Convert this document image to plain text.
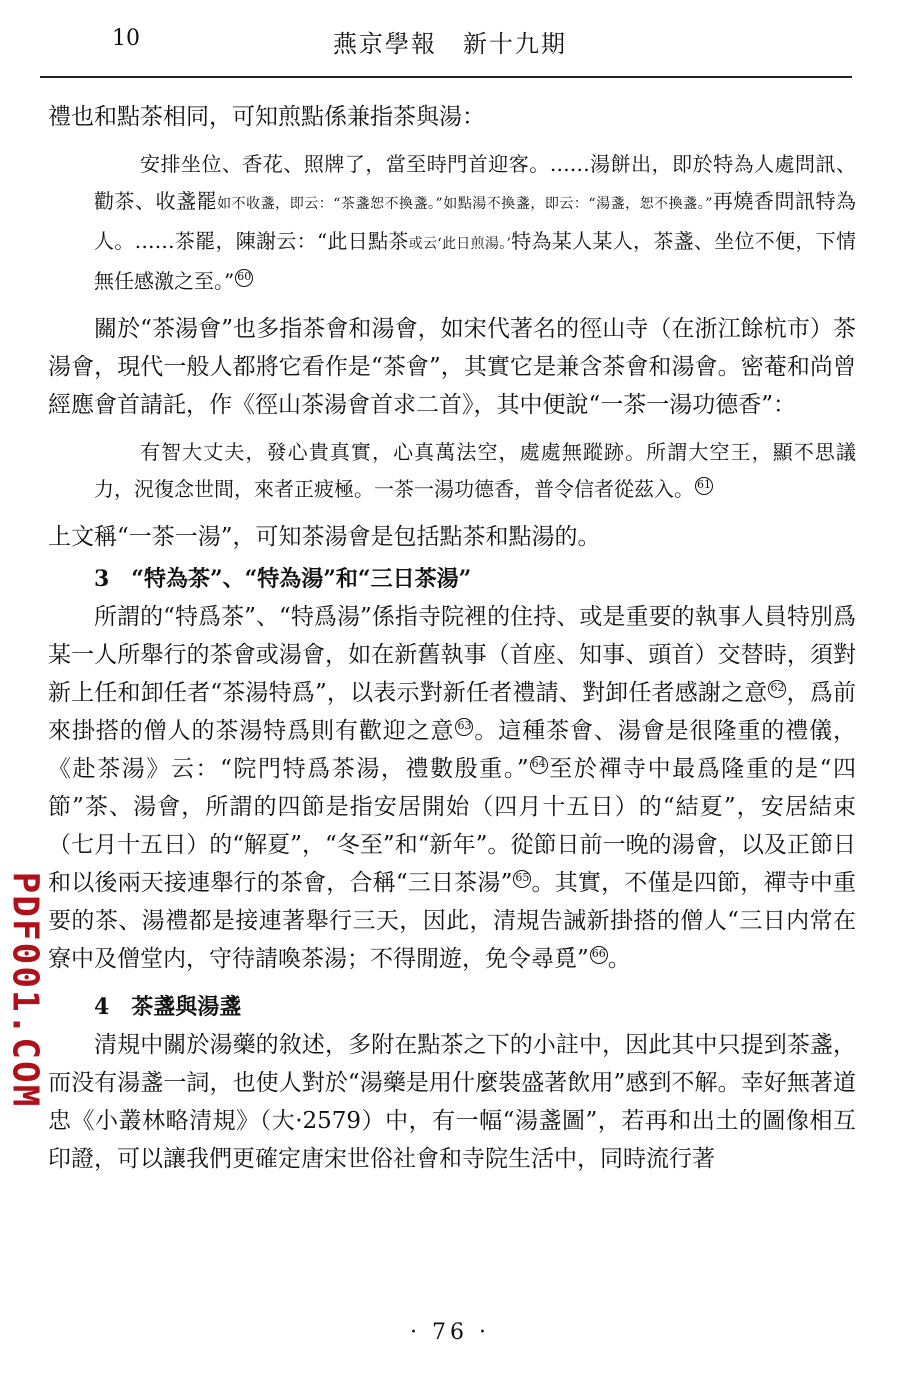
10	燕京學報　新十九期

禮也和點茶相同，可知煎點係兼指茶與湯：

安排坐位、香花、照牌了，當至時門首迎客。……湯餅出，即於特為人處問訊、勸茶、收盞罷如不收盞，即云：“茶盞恕不換盞。”如點湯不換盞，即云：“湯盞，恕不換盞。”再燒香問訊特為人。……茶罷，陳謝云：“此日點茶或云‘此日煎湯。’特為某人某人，茶盞、坐位不便，下情無任感激之至。” $^{60}$

關於“茶湯會”也多指茶會和湯會，如宋代著名的徑山寺（在浙江餘杭市）茶湯會，現代一般人都將它看作是“茶會”，其實它是兼含茶會和湯會。密菴和尚曾經應會首請託，作《徑山茶湯會首求二首》，其中便說“一茶一湯功德香”：

有智大丈夫，發心貴真實，心真萬法空，處處無蹤跡。所謂大空王，顯不思議力，況復念世間，來者正疲極。一茶一湯功德香，普令信者從茲入。 $^{61}$

上文稱“一茶一湯”，可知茶湯會是包括點茶和點湯的。

3　“特為茶”、“特為湯”和“三日茶湯”

所謂的“特爲茶”、“特爲湯”係指寺院裡的住持、或是重要的執事人員特別爲某一人所舉行的茶會或湯會，如在新舊執事（首座、知事、頭首）交替時，須對新上任和卸任者“茶湯特爲”，以表示對新任者禮請、對卸任者感謝之意 $^{62}$，爲前來掛搭的僧人的茶湯特爲則有歡迎之意 $^{63}$。這種茶會、湯會是很隆重的禮儀，《赴茶湯》云：“院門特爲茶湯，禮數殷重。” $^{64}$至於禪寺中最爲隆重的是“四節”茶、湯會，所謂的四節是指安居開始（四月十五日）的“結夏”，安居結束（七月十五日）的“解夏”，“冬至”和“新年”。從節日前一晚的湯會，以及正節日和以後兩天接連舉行的茶會，合稱“三日茶湯” $^{65}$。其實，不僅是四節，禪寺中重要的茶、湯禮都是接連著舉行三天，因此，清規告誡新掛搭的僧人“三日内常在寮中及僧堂内，守待請喚茶湯；不得閒遊，免令尋覓” $^{66}$。

4　茶盞與湯盞

清規中關於湯藥的敘述，多附在點茶之下的小註中，因此其中只提到茶盞，而没有湯盞一詞，也使人對於“湯藥是用什麼裝盛著飲用”感到不解。幸好無著道忠《小叢林略清規》（大·2579）中，有一幅“湯盞圖”，若再和出土的圖像相互印證，可以讓我們更確定唐宋世俗社會和寺院生活中，同時流行著

PDF001.COM
· 76 ·
